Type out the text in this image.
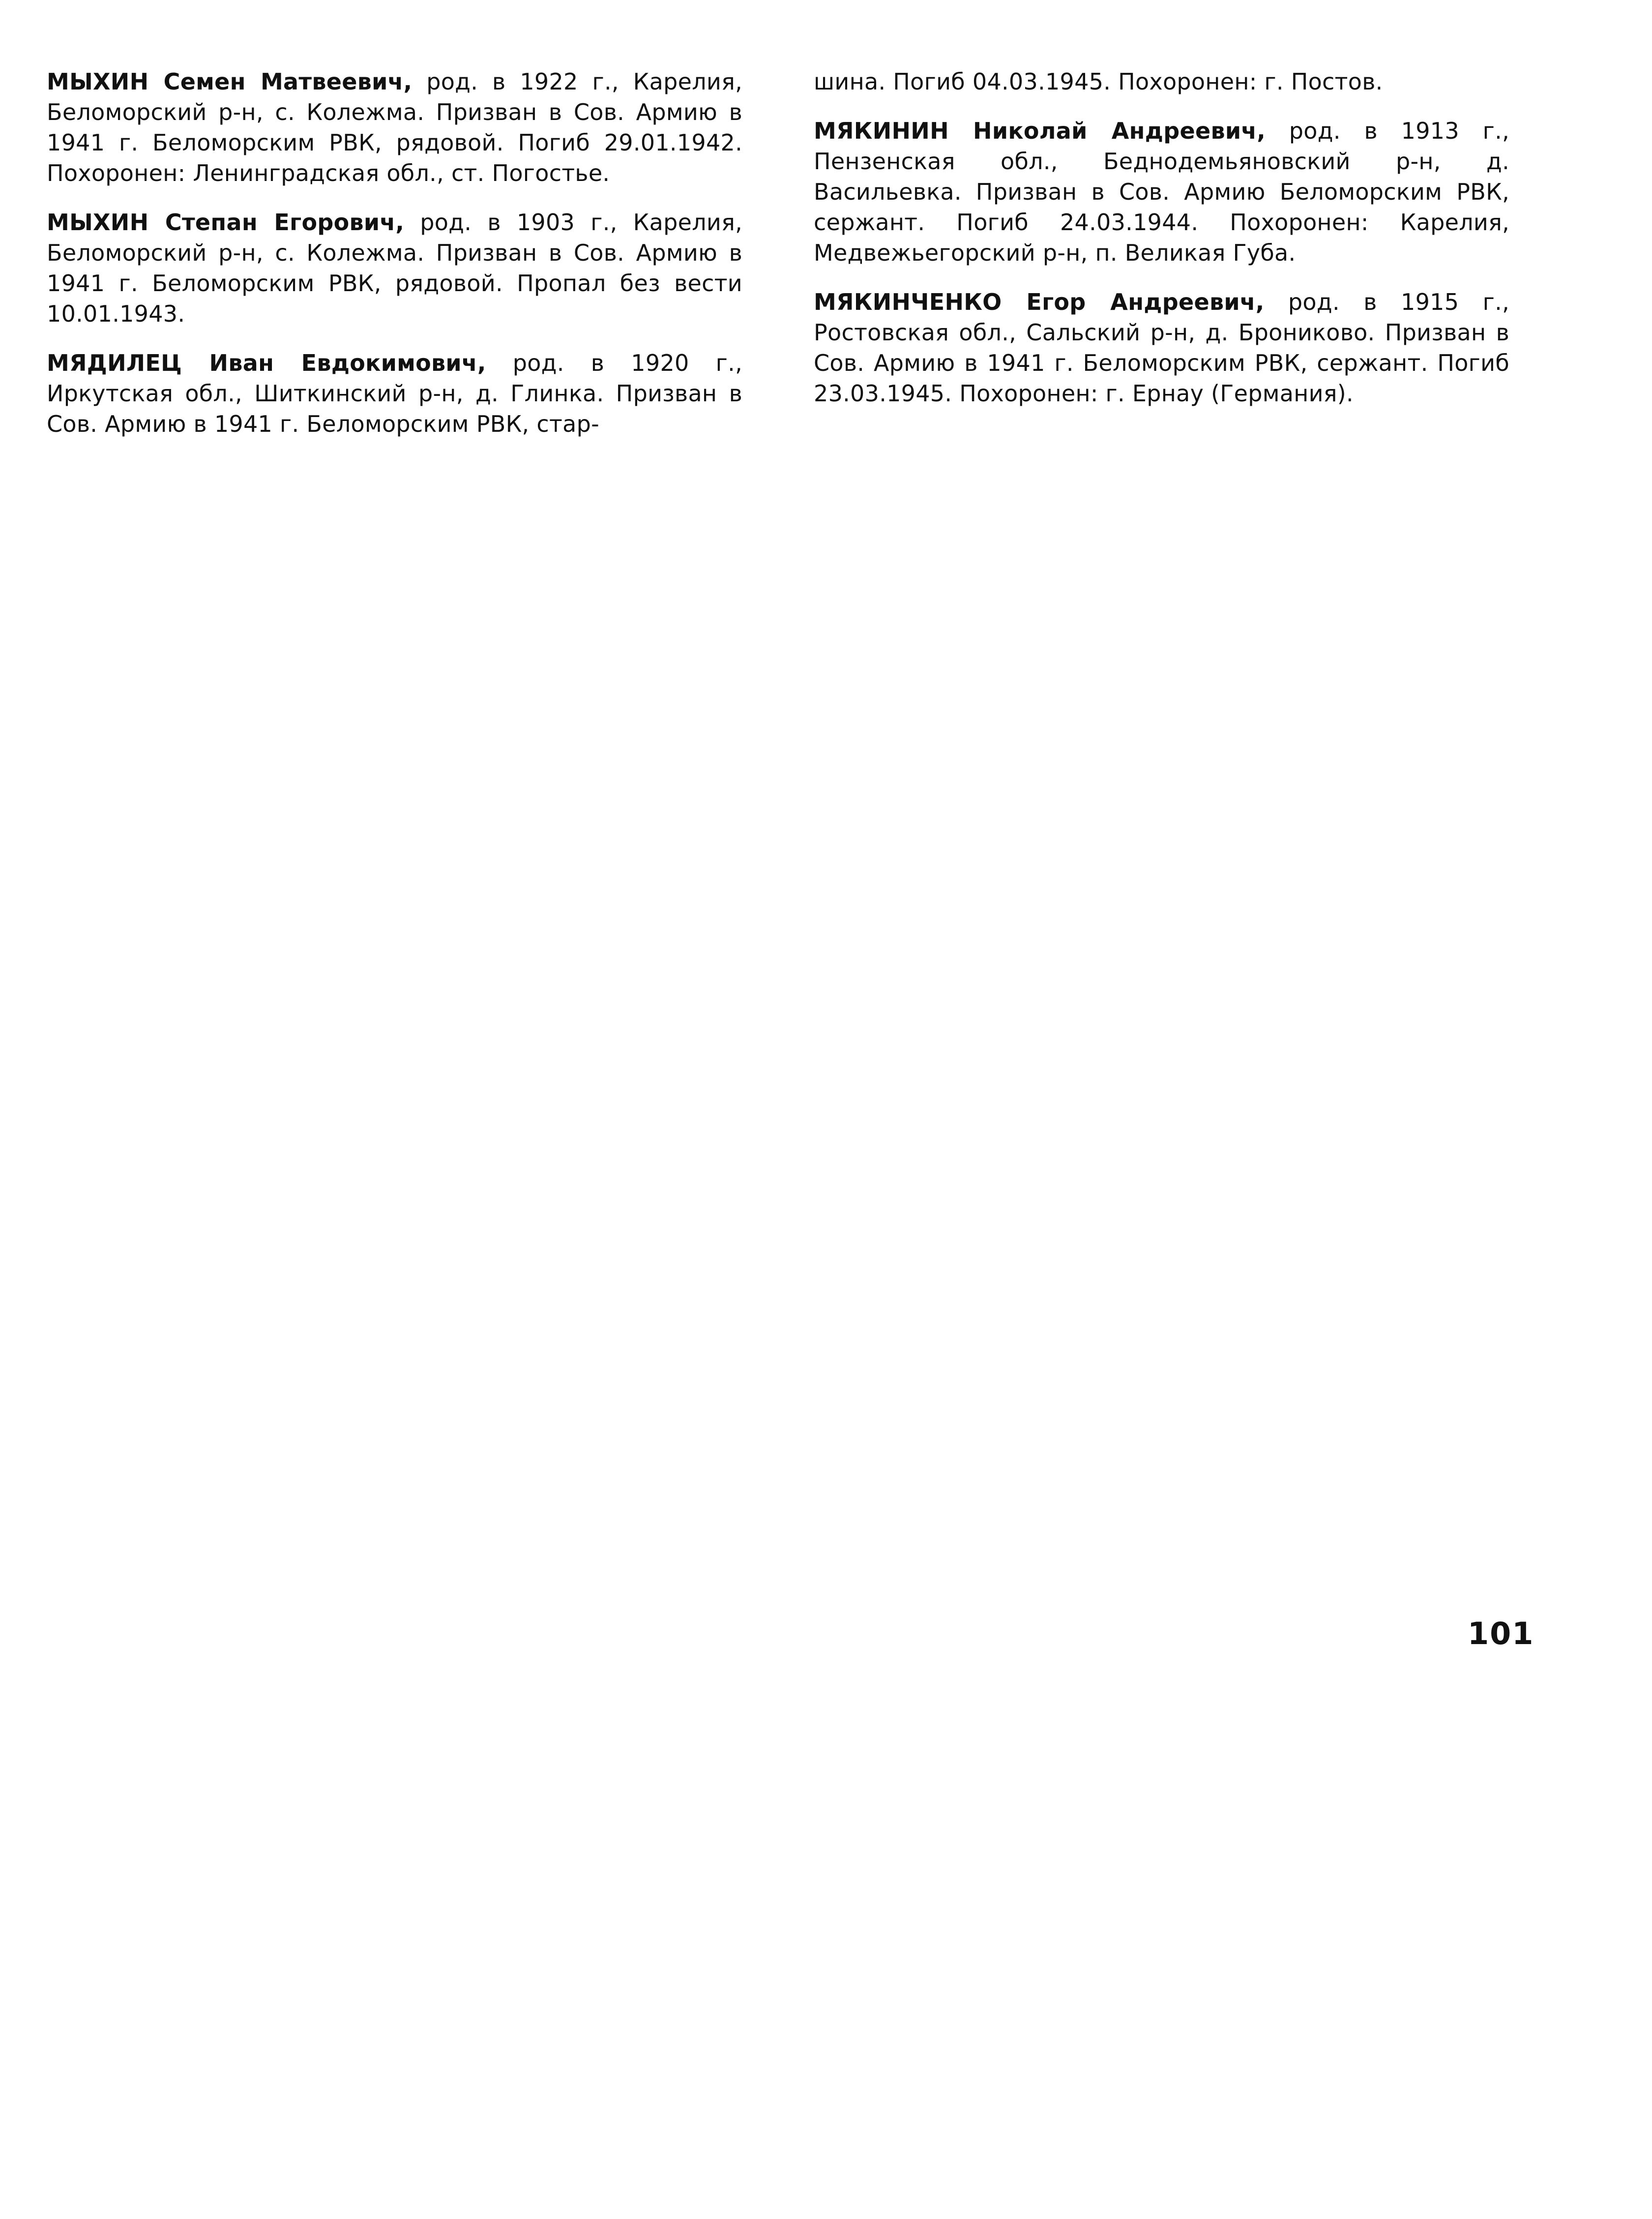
МЫХИН Семен Матвеевич, род. в 1922 г., Карелия, Беломорский р-н, с. Колежма. Призван в Сов. Армию в 1941 г. Беломорским РВК, рядовой. Погиб 29.01.1942. Похоронен: Ленинградская обл., ст. Погостье.

МЫХИН Степан Егорович, род. в 1903 г., Карелия, Беломорский р-н, с. Колежма. Призван в Сов. Армию в 1941 г. Беломорским РВК, рядовой. Пропал без вести 10.01.1943.

МЯДИЛЕЦ Иван Евдокимович, род. в 1920 г., Иркутская обл., Шиткинский р-н, д. Глинка. Призван в Сов. Армию в 1941 г. Беломорским РВК, стар-

шина. Погиб 04.03.1945. Похоронен: г. Постов.

МЯКИНИН Николай Андреевич, род. в 1913 г., Пензенская обл., Беднодемьяновский р-н, д. Васильевка. Призван в Сов. Армию Беломорским РВК, сержант. Погиб 24.03.1944. Похоронен: Карелия, Медвежьегорский р-н, п. Великая Губа.

МЯКИНЧЕНКО Егор Андреевич, род. в 1915 г., Ростовская обл., Сальский р-н, д. Брониково. Призван в Сов. Армию в 1941 г. Беломорским РВК, сержант. Погиб 23.03.1945. Похоронен: г. Ернау (Германия).

101
